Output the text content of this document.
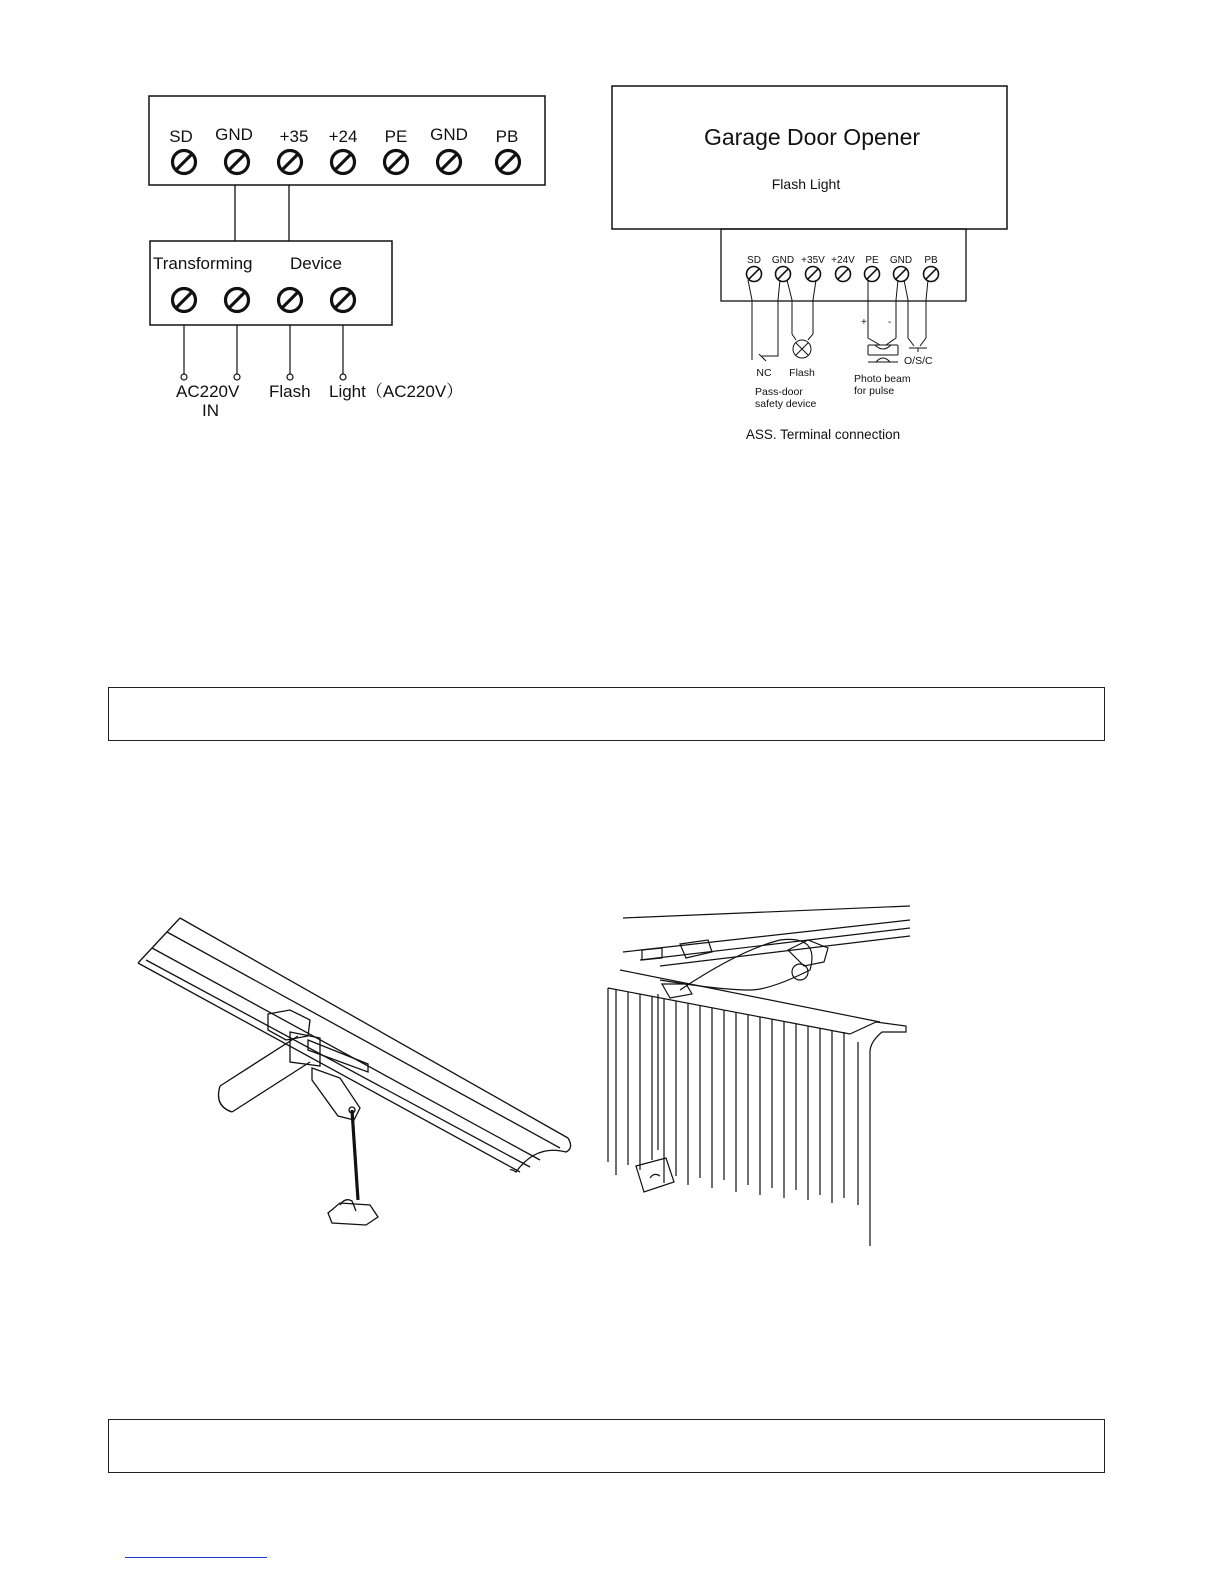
SD GND +35 +24 PE GND PB
Transforming Device
AC220V
IN
Flash Light（AC220V）
Garage Door Opener
Flash Light
SD GND +35V +24V PE GND PB
NC Flash
+ -
O/S/C
Pass-door
safety device
Photo beam
for pulse
ASS. Terminal connection
